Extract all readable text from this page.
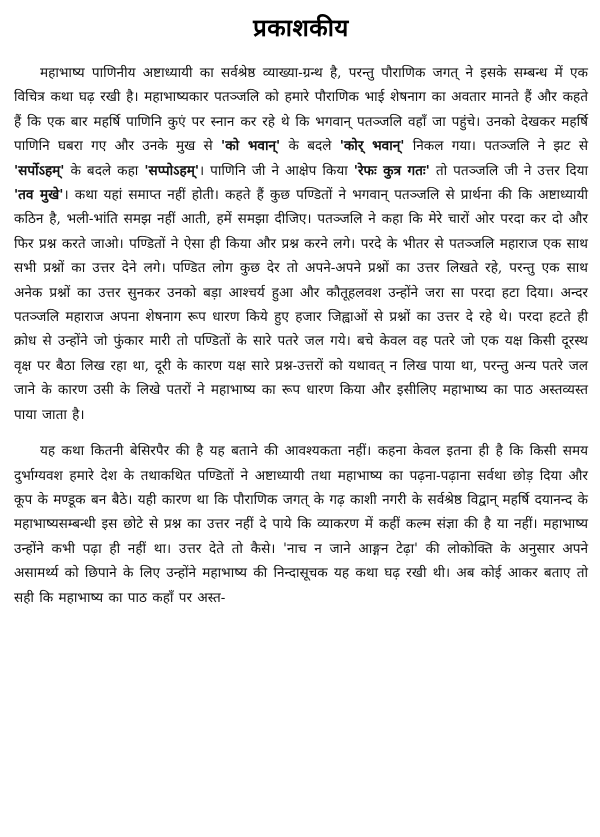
प्रकाशकीय

महाभाष्य पाणिनीय अष्टाध्यायी का सर्वश्रेष्ठ व्याख्या-ग्रन्थ है, परन्तु पौराणिक जगत् ने इसके सम्बन्ध में एक विचित्र कथा घढ़ रखी है। महाभाष्यकार पतञ्जलि को हमारे पौराणिक भाई शेषनाग का अवतार मानते हैं और कहते हैं कि एक बार महर्षि पाणिनि कुएं पर स्नान कर रहे थे कि भगवान् पतञ्जलि वहाँ जा पहुंचे। उनको देखकर महर्षि पाणिनि घबरा गए और उनके मुख से 'को भवान्' के बदले 'कोर् भवान्' निकल गया। पतञ्जलि ने झट से 'सर्पोऽहम्' के बदले कहा 'सप्पोऽहम्'। पाणिनि जी ने आक्षेप किया 'रेफः कुत्र गतः' तो पतञ्जलि जी ने उत्तर दिया 'तव मुखे'। कथा यहां समाप्त नहीं होती। कहते हैं कुछ पण्डितों ने भगवान् पतञ्जलि से प्रार्थना की कि अष्टाध्यायी कठिन है, भली-भांति समझ नहीं आती, हमें समझा दीजिए। पतञ्जलि ने कहा कि मेरे चारों ओर परदा कर दो और फिर प्रश्न करते जाओ। पण्डितों ने ऐसा ही किया और प्रश्न करने लगे। परदे के भीतर से पतञ्जलि महाराज एक साथ सभी प्रश्नों का उत्तर देने लगे। पण्डित लोग कुछ देर तो अपने-अपने प्रश्नों का उत्तर लिखते रहे, परन्तु एक साथ अनेक प्रश्नों का उत्तर सुनकर उनको बड़ा आश्चर्य हुआ और कौतूहलवश उन्होंने जरा सा परदा हटा दिया। अन्दर पतञ्जलि महाराज अपना शेषनाग रूप धारण किये हुए हजार जिह्वाओं से प्रश्नों का उत्तर दे रहे थे। परदा हटते ही क्रोध से उन्होंने जो फुंकार मारी तो पण्डितों के सारे पतरे जल गये। बचे केवल वह पतरे जो एक यक्ष किसी दूरस्थ वृक्ष पर बैठा लिख रहा था, दूरी के कारण यक्ष सारे प्रश्न-उत्तरों को यथावत् न लिख पाया था, परन्तु अन्य पतरे जल जाने के कारण उसी के लिखे पतरों ने महाभाष्य का रूप धारण किया और इसीलिए महाभाष्य का पाठ अस्तव्यस्त पाया जाता है।

यह कथा कितनी बेसिरपैर की है यह बताने की आवश्यकता नहीं। कहना केवल इतना ही है कि किसी समय दुर्भाग्यवश हमारे देश के तथाकथित पण्डितों ने अष्टाध्यायी तथा महाभाष्य का पढ़ना-पढ़ाना सर्वथा छोड़ दिया और कूप के मण्डूक बन बैठे। यही कारण था कि पौराणिक जगत् के गढ़ काशी नगरी के सर्वश्रेष्ठ विद्वान् महर्षि दयानन्द के महाभाष्यसम्बन्धी इस छोटे से प्रश्न का उत्तर नहीं दे पाये कि व्याकरण में कहीं कल्म संज्ञा की है या नहीं। महाभाष्य उन्होंने कभी पढ़ा ही नहीं था। उत्तर देते तो कैसे। 'नाच न जाने आङ्गन टेढ़ा' की लोकोक्ति के अनुसार अपने असामर्थ्य को छिपाने के लिए उन्होंने महाभाष्य की निन्दासूचक यह कथा घढ़ रखी थी। अब कोई आकर बताए तो सही कि महाभाष्य का पाठ कहाँ पर अस्त-
